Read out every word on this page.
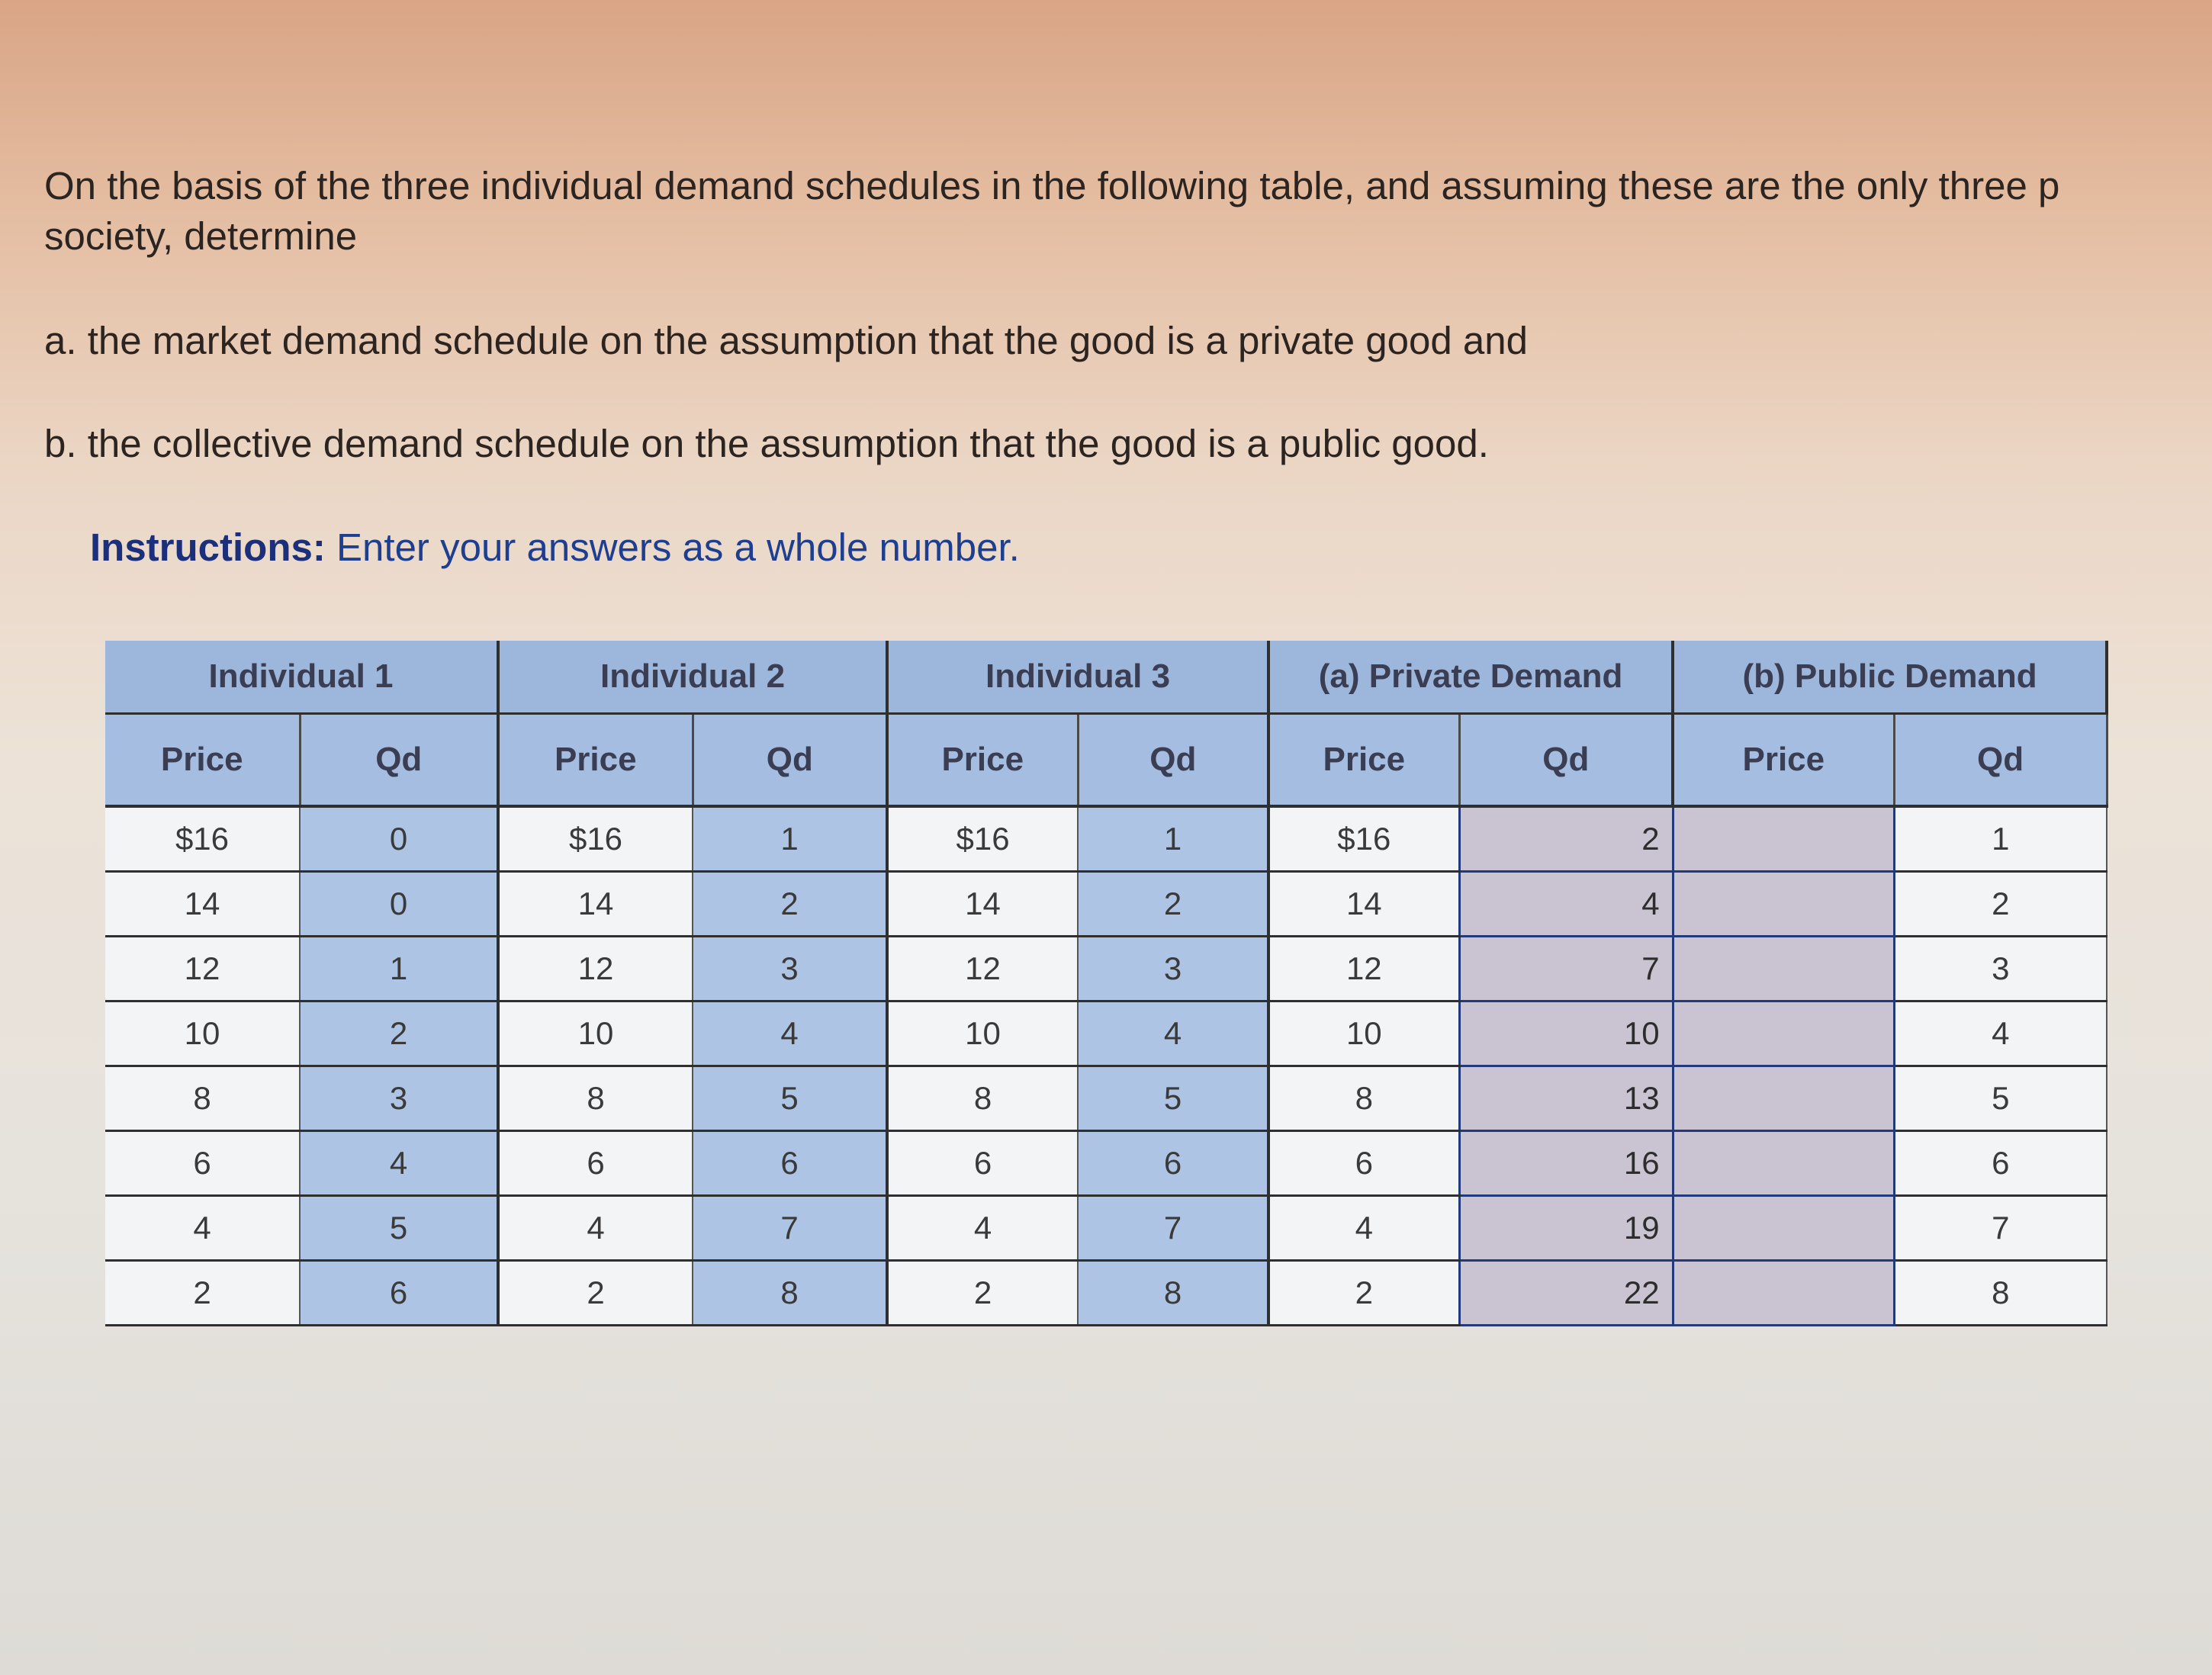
On the basis of the three individual demand schedules in the following table, and assuming these are the only three p
society, determine
a. the market demand schedule on the assumption that the good is a private good and
b. the collective demand schedule on the assumption that the good is a public good.
Instructions: Enter your answers as a whole number.
Individual 1		Individual 2		Individual 3		(a) Private Demand		(b) Public Demand	
Price	Qd	Price	Qd	Price	Qd	Price	Qd	Price	Qd
$16	0	$16	1	$16	1	$16	2		1
14	0	14	2	14	2	14	4		2
12	1	12	3	12	3	12	7		3
10	2	10	4	10	4	10	10		4
8	3	8	5	8	5	8	13		5
6	4	6	6	6	6	6	16		6
4	5	4	7	4	7	4	19		7
2	6	2	8	2	8	2	22		8
